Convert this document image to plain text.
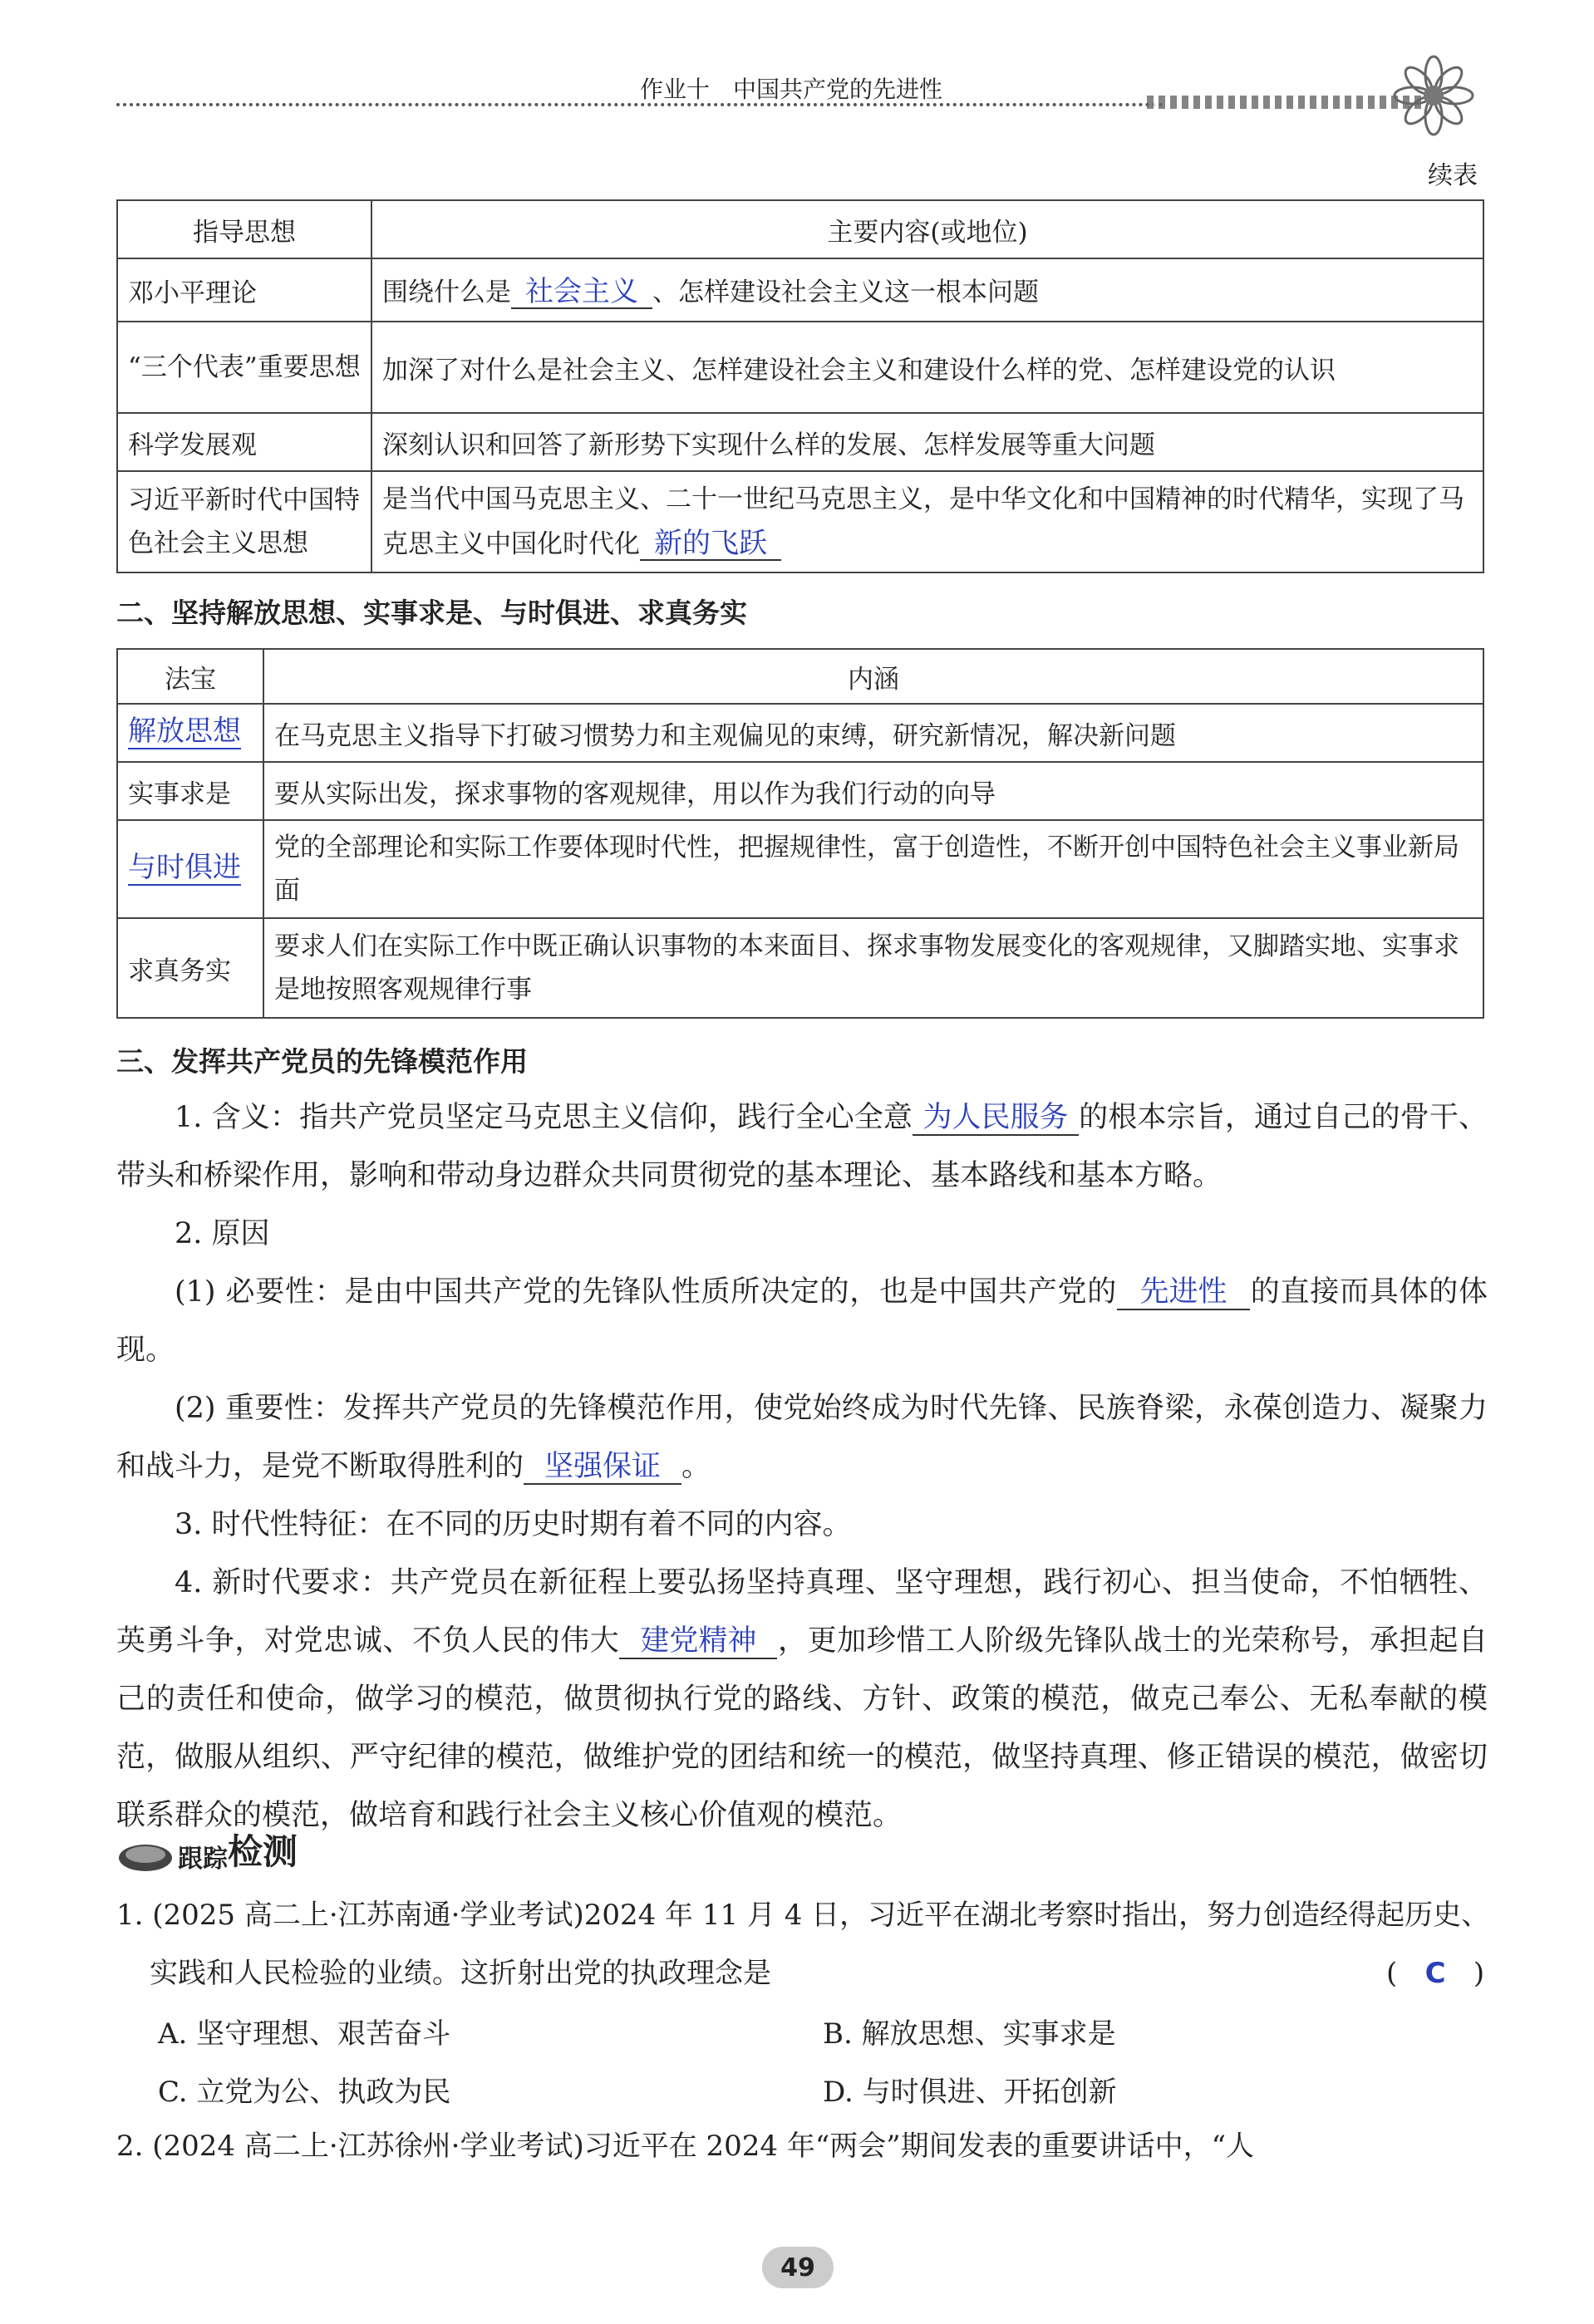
作业十　中国共产党的先进性
续表
指导思想	主要内容(或地位)
邓小平理论	围绕什么是 社会主义 、怎样建设社会主义这一根本问题
“三个代表”重要思想	加深了对什么是社会主义、怎样建设社会主义和建设什么样的党、怎样建设党的认识
科学发展观	深刻认识和回答了新形势下实现什么样的发展、怎样发展等重大问题
习近平新时代中国特色社会主义思想	是当代中国马克思主义、二十一世纪马克思主义，是中华文化和中国精神的时代精华，实现了马克思主义中国化时代化 新的飞跃
二、坚持解放思想、实事求是、与时俱进、求真务实
法宝	内涵
解放思想	在马克思主义指导下打破习惯势力和主观偏见的束缚，研究新情况，解决新问题
实事求是	要从实际出发，探求事物的客观规律，用以作为我们行动的向导
与时俱进	党的全部理论和实际工作要体现时代性，把握规律性，富于创造性，不断开创中国特色社会主义事业新局面
求真务实	要求人们在实际工作中既正确认识事物的本来面目、探求事物发展变化的客观规律，又脚踏实地、实事求是地按照客观规律行事
三、发挥共产党员的先锋模范作用
1. 含义：指共产党员坚定马克思主义信仰，践行全心全意 为人民服务 的根本宗旨，通过自己的骨干、带头和桥梁作用，影响和带动身边群众共同贯彻党的基本理论、基本路线和基本方略。
2. 原因
(1) 必要性：是由中国共产党的先锋队性质所决定的，也是中国共产党的 先进性 的直接而具体的体现。
(2) 重要性：发挥共产党员的先锋模范作用，使党始终成为时代先锋、民族脊梁，永葆创造力、凝聚力和战斗力，是党不断取得胜利的 坚强保证 。
3. 时代性特征：在不同的历史时期有着不同的内容。
4. 新时代要求：共产党员在新征程上要弘扬坚持真理、坚守理想，践行初心、担当使命，不怕牺牲、英勇斗争，对党忠诚、不负人民的伟大 建党精神 ，更加珍惜工人阶级先锋队战士的光荣称号，承担起自己的责任和使命，做学习的模范，做贯彻执行党的路线、方针、政策的模范，做克己奉公、无私奉献的模范，做服从组织、严守纪律的模范，做维护党的团结和统一的模范，做坚持真理、修正错误的模范，做密切联系群众的模范，做培育和践行社会主义核心价值观的模范。
跟踪 检测
1. (2025 高二上·江苏南通·学业考试)2024 年 11 月 4 日，习近平在湖北考察时指出，努力创造经得起历史、实践和人民检验的业绩。这折射出党的执政理念是	( C )
A. 坚守理想、艰苦奋斗	B. 解放思想、实事求是
C. 立党为公、执政为民	D. 与时俱进、开拓创新
2. (2024 高二上·江苏徐州·学业考试)习近平在 2024 年“两会”期间发表的重要讲话中，“人
49
